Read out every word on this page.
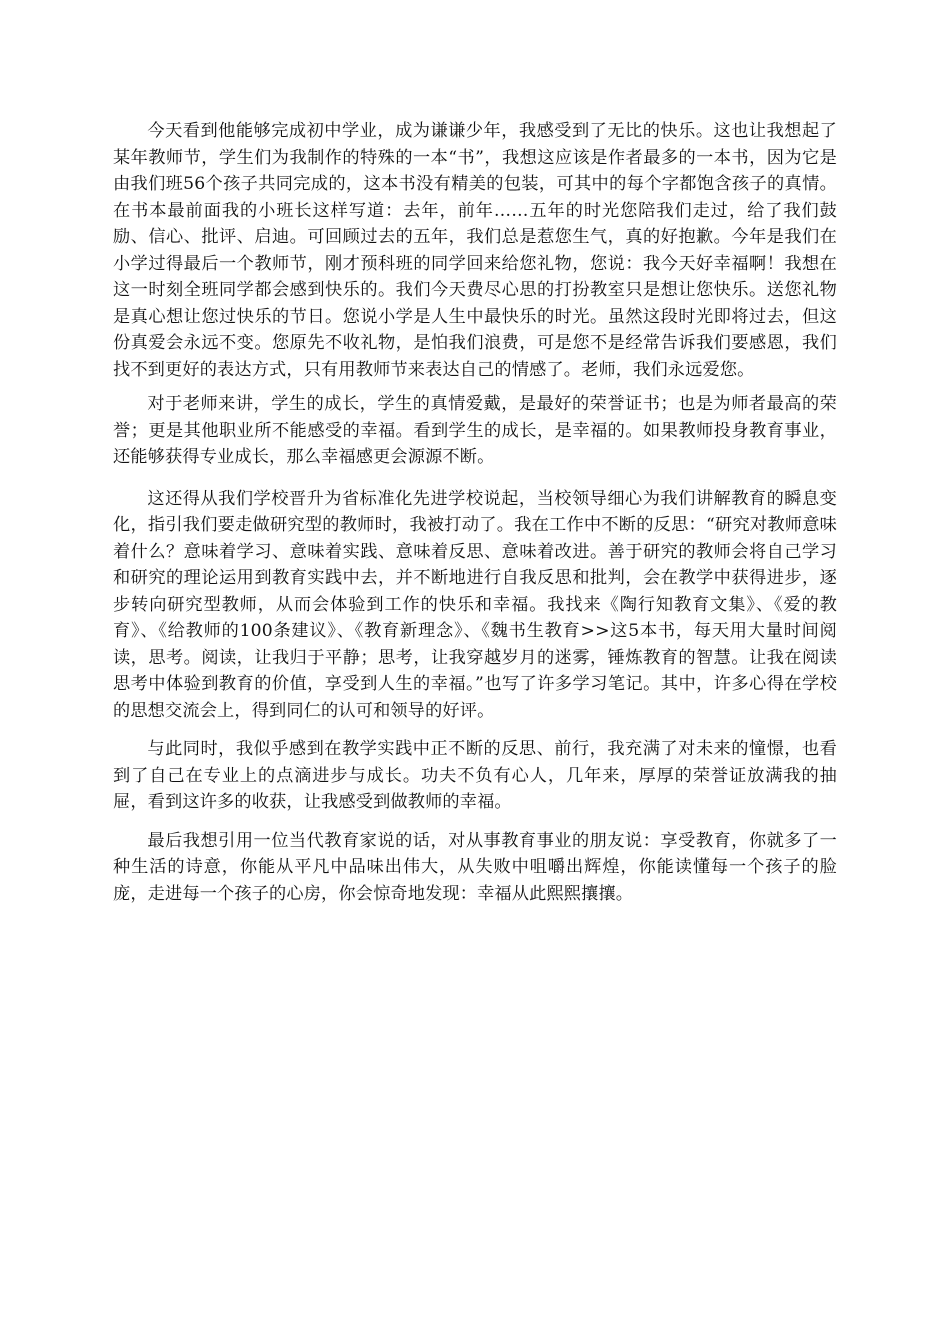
今天看到他能够完成初中学业，成为谦谦少年，我感受到了无比的快乐。这也让我想起了某年教师节，学生们为我制作的特殊的一本“书”，我想这应该是作者最多的一本书，因为它是由我们班56个孩子共同完成的，这本书没有精美的包装，可其中的每个字都饱含孩子的真情。在书本最前面我的小班长这样写道：去年，前年……五年的时光您陪我们走过，给了我们鼓励、信心、批评、启迪。可回顾过去的五年，我们总是惹您生气，真的好抱歉。今年是我们在小学过得最后一个教师节，刚才预科班的同学回来给您礼物，您说：我今天好幸福啊！我想在这一时刻全班同学都会感到快乐的。我们今天费尽心思的打扮教室只是想让您快乐。送您礼物是真心想让您过快乐的节日。您说小学是人生中最快乐的时光。虽然这段时光即将过去，但这份真爱会永远不变。您原先不收礼物，是怕我们浪费，可是您不是经常告诉我们要感恩，我们找不到更好的表达方式，只有用教师节来表达自己的情感了。老师，我们永远爱您。

对于老师来讲，学生的成长，学生的真情爱戴，是最好的荣誉证书；也是为师者最高的荣誉；更是其他职业所不能感受的幸福。看到学生的成长，是幸福的。如果教师投身教育事业，还能够获得专业成长，那么幸福感更会源源不断。

这还得从我们学校晋升为省标准化先进学校说起，当校领导细心为我们讲解教育的瞬息变化，指引我们要走做研究型的教师时，我被打动了。我在工作中不断的反思：“研究对教师意味着什么？意味着学习、意味着实践、意味着反思、意味着改进。善于研究的教师会将自己学习和研究的理论运用到教育实践中去，并不断地进行自我反思和批判，会在教学中获得进步，逐步转向研究型教师，从而会体验到工作的快乐和幸福。我找来《陶行知教育文集》、《爱的教育》、《给教师的100条建议》、《教育新理念》、《魏书生教育>>这5本书，每天用大量时间阅读，思考。阅读，让我归于平静；思考，让我穿越岁月的迷雾，锤炼教育的智慧。让我在阅读思考中体验到教育的价值，享受到人生的幸福。”也写了许多学习笔记。其中，许多心得在学校的思想交流会上，得到同仁的认可和领导的好评。

与此同时，我似乎感到在教学实践中正不断的反思、前行，我充满了对未来的憧憬，也看到了自己在专业上的点滴进步与成长。功夫不负有心人，几年来，厚厚的荣誉证放满我的抽屉，看到这许多的收获，让我感受到做教师的幸福。

最后我想引用一位当代教育家说的话，对从事教育事业的朋友说：享受教育，你就多了一种生活的诗意，你能从平凡中品味出伟大，从失败中咀嚼出辉煌，你能读懂每一个孩子的脸庞，走进每一个孩子的心房，你会惊奇地发现：幸福从此熙熙攘攘。
